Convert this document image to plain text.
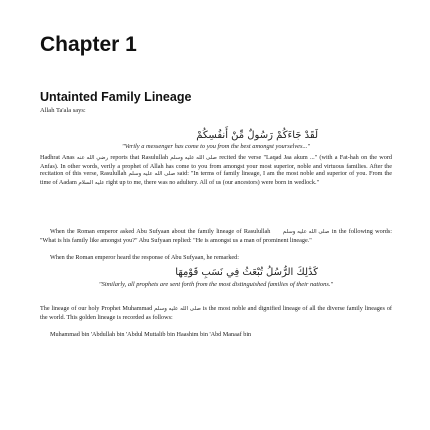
Chapter 1
Untainted Family Lineage
Allah Ta'ala says:
لَقَدْ جَاءَكُمْ رَسُولٌ مِّنْ أَنفُسِكُمْ
"Verily a messenger has come to you from the best amongst yourselves..."

Hadhrat Anas رضي الله عنه reports that Rasulullah صلى الله عليه وسلم recited the verse "Laqad Jaa akum ..." (with a Fat-hah on the word Anfas). In other words, verily a prophet of Allah has come to you from amongst your most superior, noble and virtuous families. After the recitation of this verse, Rasulullah صلى الله عليه وسلم said: "In terms of family lineage, I am the most noble and superior of you. From the time of Aadam عليه السلام right up to me, there was no adultery. All of us (our ancestors) were born in wedlock."

When the Roman emperor asked Abu Sufyaan about the family lineage of Rasulullah صلى الله عليه وسلم in the following words: "What is his family like amongst you?" Abu Sufyaan replied: "He is amongst us a man of prominent lineage."

When the Roman emperor heard the response of Abu Sufyaan, he remarked:

كَذَٰلِكَ الرُّسُلُ تُبْعَثُ فِي نَسَبِ قَوْمِهَا
"Similarly, all prophets are sent forth from the most distinguished families of their nations."

The lineage of our holy Prophet Muhammad صلى الله عليه وسلم is the most noble and dignified lineage of all the diverse family lineages of the world. This golden lineage is recorded as follows:

Muhammad bin 'Abdullah bin 'Abdul Muttalib bin Haashim bin 'Abd Manaaf bin
